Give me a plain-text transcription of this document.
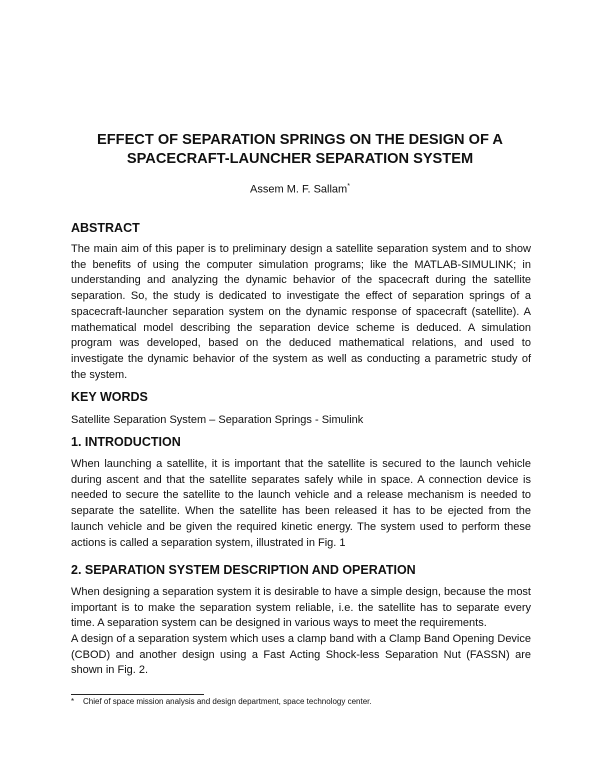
EFFECT OF SEPARATION SPRINGS ON THE DESIGN OF A
SPACECRAFT-LAUNCHER SEPARATION SYSTEM

Assem M. F. Sallam*

ABSTRACT

The main aim of this paper is to preliminary design a satellite separation system and to show the benefits of using the computer simulation programs; like the MATLAB-SIMULINK; in understanding and analyzing the dynamic behavior of the spacecraft during the satellite separation. So, the study is dedicated to investigate the effect of separation springs of a spacecraft-launcher separation system on the dynamic response of spacecraft (satellite). A mathematical model describing the separation device scheme is deduced. A simulation program was developed, based on the deduced mathematical relations, and used to investigate the dynamic behavior of the system as well as conducting a parametric study of the system.

KEY WORDS

Satellite Separation System – Separation Springs - Simulink

1. INTRODUCTION

When launching a satellite, it is important that the satellite is secured to the launch vehicle during ascent and that the satellite separates safely while in space. A connection device is needed to secure the satellite to the launch vehicle and a release mechanism is needed to separate the satellite. When the satellite has been released it has to be ejected from the launch vehicle and be given the required kinetic energy. The system used to perform these actions is called a separation system, illustrated in Fig. 1

2. SEPARATION SYSTEM DESCRIPTION AND OPERATION

When designing a separation system it is desirable to have a simple design, because the most important is to make the separation system reliable, i.e. the satellite has to separate every time. A separation system can be designed in various ways to meet the requirements.

A design of a separation system which uses a clamp band with a Clamp Band Opening Device (CBOD) and another design using a Fast Acting Shock-less Separation Nut (FASSN) are shown in Fig. 2.

* Chief of space mission analysis and design department, space technology center.
